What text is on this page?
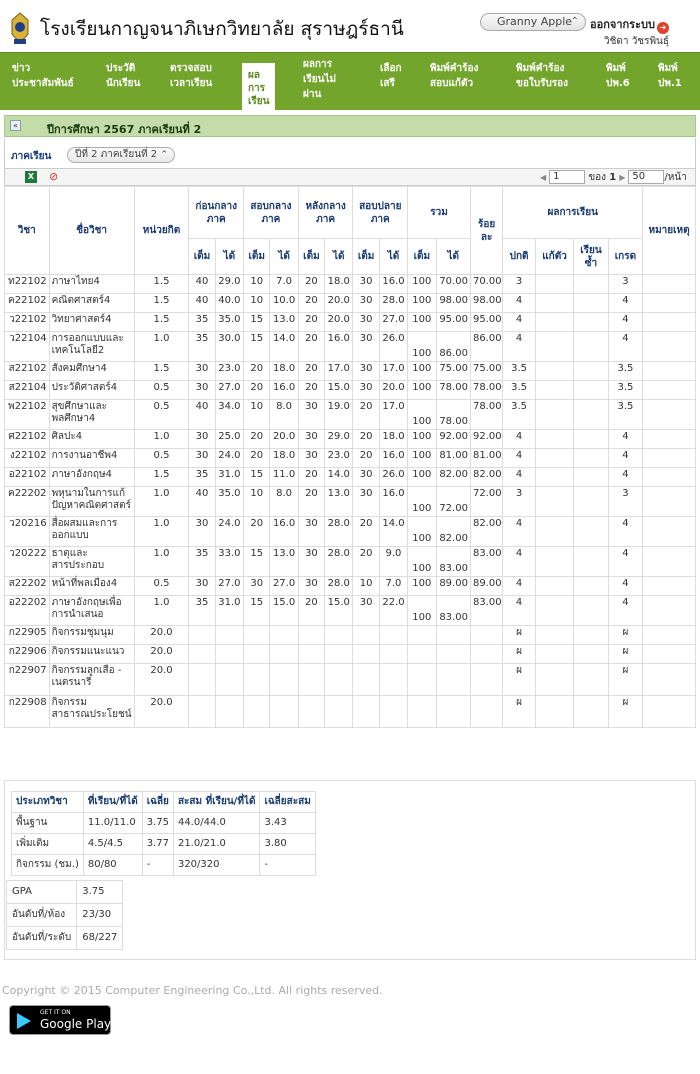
โรงเรียนกาญจนาภิเษกวิทยาลัย สุราษฎร์ธานี	Granny Apple
⌃ ออกจากระบบ ➜
วิชิดา วัชรพินธุ์
ข่าว
ประชาสัมพันธ์
ประวัติ
นักเรียน
ตรวจสอบ
เวลาเรียน
ผล
การ
เรียน
ผลการ
เรียนไม่
ผ่าน
เลือก
เสรี
พิมพ์คำร้อง
สอบแก้ตัว
พิมพ์คำร้อง
ขอใบรับรอง
พิมพ์
ปพ.6
พิมพ์
ปพ.1
«	ปีการศึกษา 2567 ภาคเรียนที่ 2
ภาคเรียน	ปีที่ 2 ภาคเรียนที่ 2 ⌃
X ⊘	◀ 1	ของ 1 ▶ 50 /หน้า
วิชา	ชื่อวิชา	หน่วยกิต	ก่อนกลางภาค		สอบกลางภาค		หลังกลางภาค		สอบปลายภาค		รวม		ร้อยละ	ผลการเรียน				หมายเหตุ
			เต็ม	ได้	เต็ม	ได้	เต็ม	ได้	เต็ม	ได้	เต็ม	ได้		ปกติ	แก้ตัว	เรียนซ้ำ	เกรด	
ท22102	ภาษาไทย4	1.5	40	29.0	10	7.0	20	18.0	30	16.0	100	70.00	70.00	3			3	
ค22102	คณิตศาสตร์4	1.5	40	40.0	10	10.0	20	20.0	30	28.0	100	98.00	98.00	4			4	
ว22102	วิทยาศาสตร์4	1.5	35	35.0	15	13.0	20	20.0	30	27.0	100	95.00	95.00	4			4	
ว22104	การออกแบบและเทคโนโลยี2	1.0	35	30.0	15	14.0	20	16.0	30	26.0	100	86.00	86.00	4			4	
ส22102	สังคมศึกษา4	1.5	30	23.0	20	18.0	20	17.0	30	17.0	100	75.00	75.00	3.5			3.5	
ส22104	ประวัติศาสตร์4	0.5	30	27.0	20	16.0	20	15.0	30	20.0	100	78.00	78.00	3.5			3.5	
พ22102	สุขศึกษาและพลศึกษา4	0.5	40	34.0	10	8.0	30	19.0	20	17.0	100	78.00	78.00	3.5			3.5	
ศ22102	ศิลปะ4	1.0	30	25.0	20	20.0	30	29.0	20	18.0	100	92.00	92.00	4			4	
ง22102	การงานอาชีพ4	0.5	30	24.0	20	18.0	30	23.0	20	16.0	100	81.00	81.00	4			4	
อ22102	ภาษาอังกฤษ4	1.5	35	31.0	15	11.0	20	14.0	30	26.0	100	82.00	82.00	4			4	
ค22202	พหุนามในการแก้ปัญหาคณิตศาสตร์	1.0	40	35.0	10	8.0	20	13.0	30	16.0	100	72.00	72.00	3			3	
ว20216	สื่อผสมและการออกแบบ	1.0	30	24.0	20	16.0	30	28.0	20	14.0	100	82.00	82.00	4			4	
ว20222	ธาตุและสารประกอบ	1.0	35	33.0	15	13.0	30	28.0	20	9.0	100	83.00	83.00	4			4	
ส22202	หน้าที่พลเมือง4	0.5	30	27.0	30	27.0	30	28.0	10	7.0	100	89.00	89.00	4			4	
อ22202	ภาษาอังกฤษเพื่อการนำเสนอ	1.0	35	31.0	15	15.0	20	15.0	30	22.0	100	83.00	83.00	4			4	
ก22905	กิจกรรมชุมนุม	20.0												ผ			ผ	
ก22906	กิจกรรมแนะแนว	20.0												ผ			ผ	
ก22907	กิจกรรมลูกเสือ - เนตรนารี	20.0												ผ			ผ	
ก22908	กิจกรรมสาธารณประโยชน์	20.0												ผ			ผ	
ประเภทวิชา	ที่เรียน/ที่ได้	เฉลี่ย	สะสม ที่เรียน/ที่ได้	เฉลี่ยสะสม
พื้นฐาน	11.0/11.0	3.75	44.0/44.0	3.43
เพิ่มเติม	4.5/4.5	3.77	21.0/21.0	3.80
กิจกรรม (ชม.)	80/80	-	320/320	-
GPA	3.75
อันดับที่/ห้อง	23/30
อันดับที่/ระดับ	68/227
Copyright © 2015 Computer Engineering Co.,Ltd. All rights reserved.
GET IT ON
Google Play
